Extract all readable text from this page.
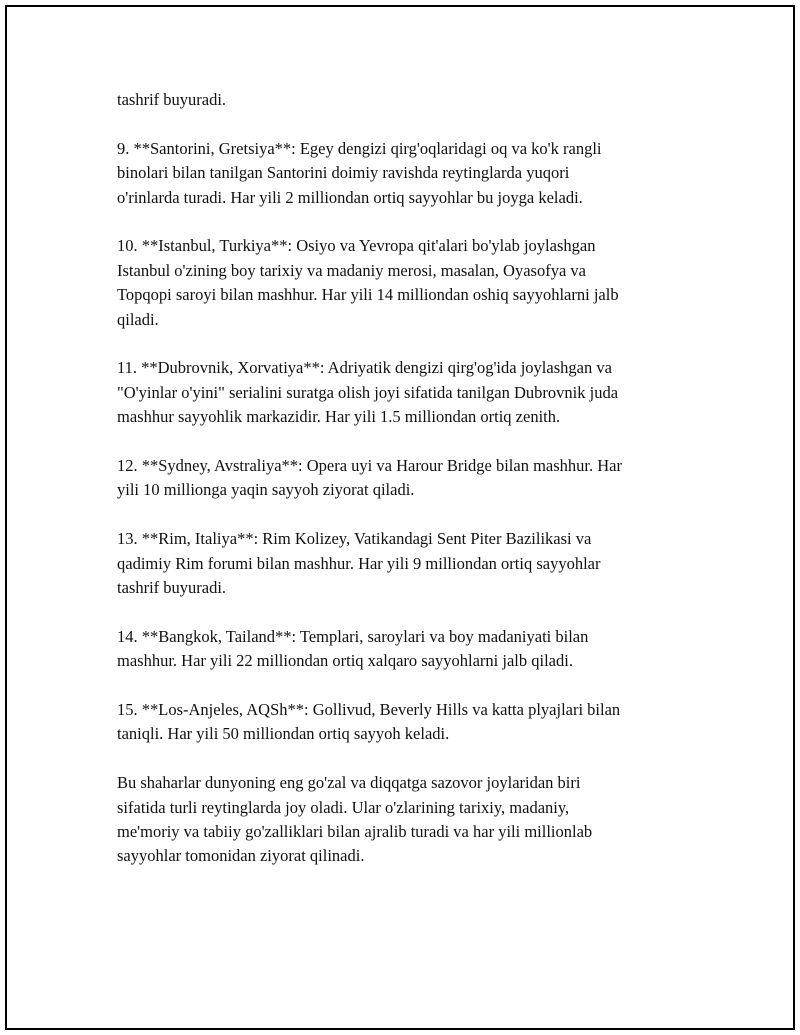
tashrif buyuradi.

9. **Santorini, Gretsiya**: Egey dengizi qirg'oqlaridagi oq va ko'k rangli
binolari bilan tanilgan Santorini doimiy ravishda reytinglarda yuqori
o'rinlarda turadi. Har yili 2 milliondan ortiq sayyohlar bu joyga keladi.

10. **Istanbul, Turkiya**: Osiyo va Yevropa qit'alari bo'ylab joylashgan
Istanbul o'zining boy tarixiy va madaniy merosi, masalan, Oyasofya va
Topqopi saroyi bilan mashhur. Har yili 14 milliondan oshiq sayyohlarni jalb
qiladi.

11. **Dubrovnik, Xorvatiya**: Adriyatik dengizi qirg'og'ida joylashgan va
"O'yinlar o'yini" serialini suratga olish joyi sifatida tanilgan Dubrovnik juda
mashhur sayyohlik markazidir. Har yili 1.5 milliondan ortiq zenith.

12. **Sydney, Avstraliya**: Opera uyi va Harour Bridge bilan mashhur. Har
yili 10 millionga yaqin sayyoh ziyorat qiladi.

13. **Rim, Italiya**: Rim Kolizey, Vatikandagi Sent Piter Bazilikasi va
qadimiy Rim forumi bilan mashhur. Har yili 9 milliondan ortiq sayyohlar
tashrif buyuradi.

14. **Bangkok, Tailand**: Templari, saroylari va boy madaniyati bilan
mashhur. Har yili 22 milliondan ortiq xalqaro sayyohlarni jalb qiladi.

15. **Los-Anjeles, AQSh**: Gollivud, Beverly Hills va katta plyajlari bilan
taniqli. Har yili 50 milliondan ortiq sayyoh keladi.

Bu shaharlar dunyoning eng go'zal va diqqatga sazovor joylaridan biri
sifatida turli reytinglarda joy oladi. Ular o'zlarining tarixiy, madaniy,
me'moriy va tabiiy go'zalliklari bilan ajralib turadi va har yili millionlab
sayyohlar tomonidan ziyorat qilinadi.
